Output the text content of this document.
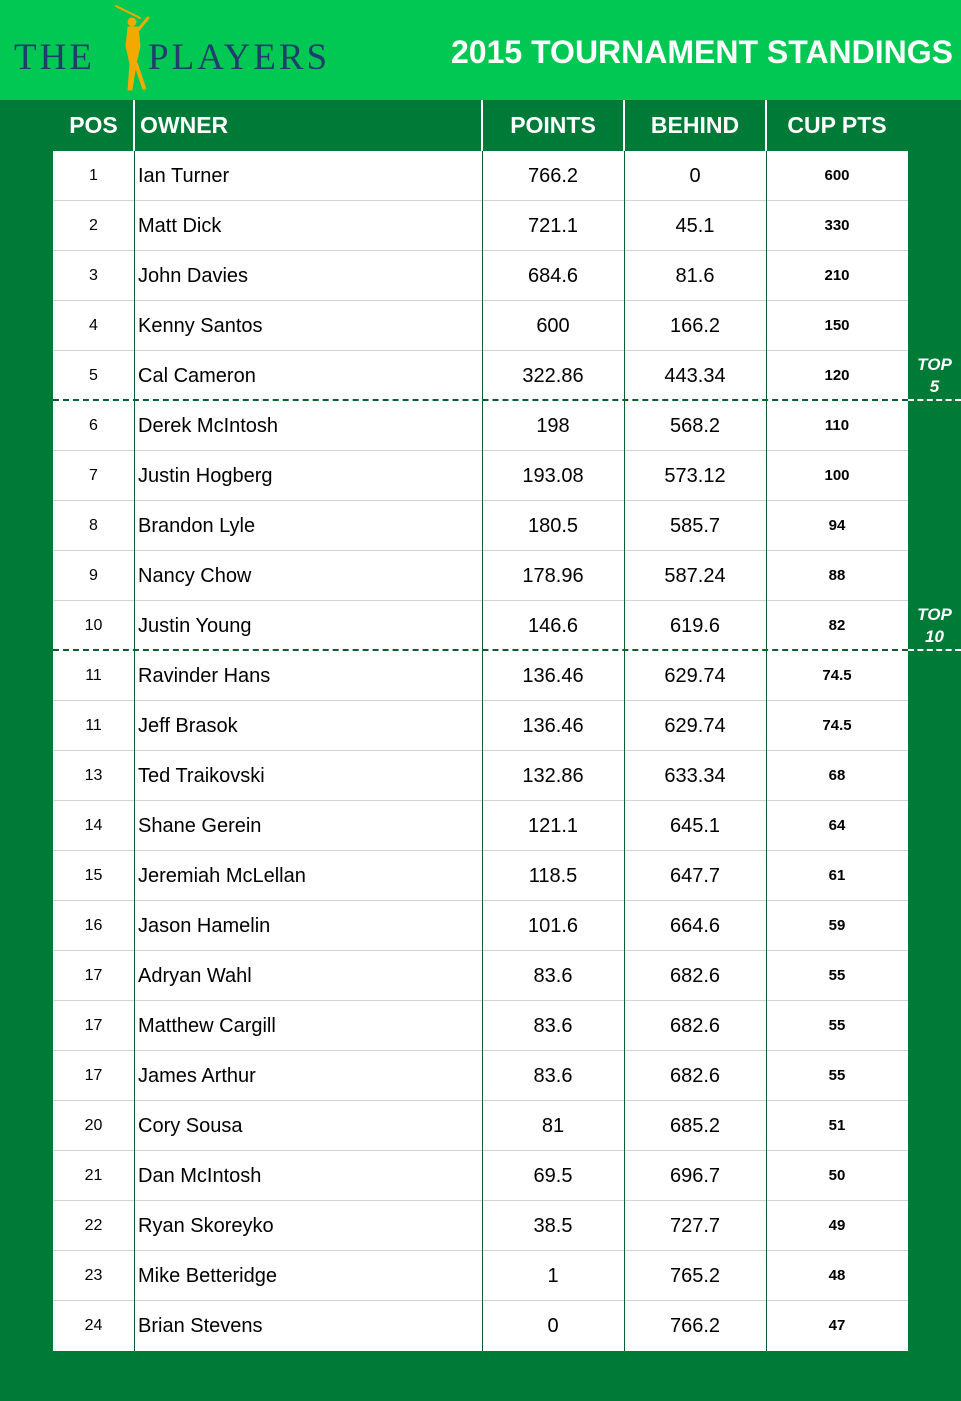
THE PLAYERS	2015 TOURNAMENT STANDINGS
POS OWNER	POINTS	BEHIND	CUP PTS
1	Ian Turner	766.2	0	600
2	Matt Dick	721.1	45.1	330
3	John Davies	684.6	81.6	210
4	Kenny Santos	600	166.2	150
5	Cal Cameron	322.86	443.34	120
6	Derek McIntosh	198	568.2	110
7	Justin Hogberg	193.08	573.12	100
8	Brandon Lyle	180.5	585.7	94
9	Nancy Chow	178.96	587.24	88
10	Justin Young	146.6	619.6	82
11	Ravinder Hans	136.46	629.74	74.5
11	Jeff Brasok	136.46	629.74	74.5
13	Ted Traikovski	132.86	633.34	68
14	Shane Gerein	121.1	645.1	64
15	Jeremiah McLellan	118.5	647.7	61
16	Jason Hamelin	101.6	664.6	59
17	Adryan Wahl	83.6	682.6	55
17	Matthew Cargill	83.6	682.6	55
17	James Arthur	83.6	682.6	55
20	Cory Sousa	81	685.2	51
21	Dan McIntosh	69.5	696.7	50
22	Ryan Skoreyko	38.5	727.7	49
23	Mike Betteridge	1	765.2	48
24	Brian Stevens	0	766.2	47
TOP
5
TOP
10
